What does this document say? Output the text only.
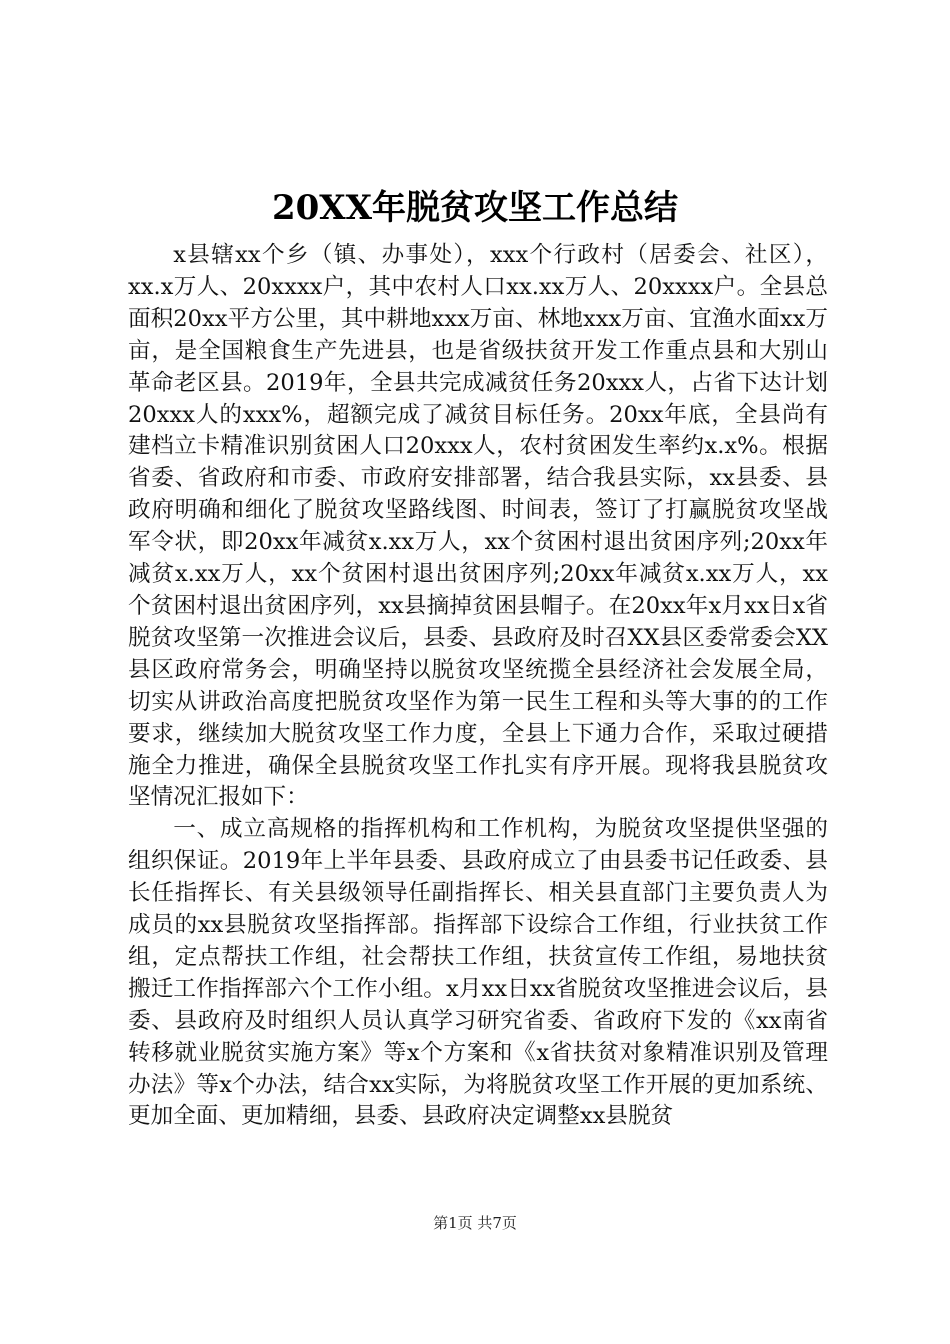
20XX年脱贫攻坚工作总结

x县辖xx个乡（镇、办事处），xxx个行政村（居委会、社区），xx.x万人、20xxxx户，其中农村人口xx.xx万人、20xxxx户。全县总面积20xx平方公里，其中耕地xxx万亩、林地xxx万亩、宜渔水面xx万亩，是全国粮食生产先进县，也是省级扶贫开发工作重点县和大别山革命老区县。2019年，全县共完成减贫任务20xxx人，占省下达计划20xxx人的xxx%，超额完成了减贫目标任务。20xx年底，全县尚有建档立卡精准识别贫困人口20xxx人，农村贫困发生率约x.x%。根据省委、省政府和市委、市政府安排部署，结合我县实际，xx县委、县政府明确和细化了脱贫攻坚路线图、时间表，签订了打赢脱贫攻坚战军令状，即20xx年减贫x.xx万人，xx个贫困村退出贫困序列;20xx年减贫x.xx万人，xx个贫困村退出贫困序列;20xx年减贫x.xx万人，xx个贫困村退出贫困序列，xx县摘掉贫困县帽子。在20xx年x月xx日x省脱贫攻坚第一次推进会议后，县委、县政府及时召XX县区委常委会XX县区政府常务会，明确坚持以脱贫攻坚统揽全县经济社会发展全局，切实从讲政治高度把脱贫攻坚作为第一民生工程和头等大事的的工作要求，继续加大脱贫攻坚工作力度，全县上下通力合作，采取过硬措施全力推进，确保全县脱贫攻坚工作扎实有序开展。现将我县脱贫攻坚情况汇报如下：

一、成立高规格的指挥机构和工作机构，为脱贫攻坚提供坚强的组织保证。2019年上半年县委、县政府成立了由县委书记任政委、县长任指挥长、有关县级领导任副指挥长、相关县直部门主要负责人为成员的xx县脱贫攻坚指挥部。指挥部下设综合工作组，行业扶贫工作组，定点帮扶工作组，社会帮扶工作组，扶贫宣传工作组，易地扶贫搬迁工作指挥部六个工作小组。x月xx日xx省脱贫攻坚推进会议后，县委、县政府及时组织人员认真学习研究省委、省政府下发的《xx南省转移就业脱贫实施方案》等x个方案和《x省扶贫对象精准识别及管理办法》等x个办法，结合xx实际，为将脱贫攻坚工作开展的更加系统、更加全面、更加精细，县委、县政府决定调整xx县脱贫

第1页 共7页
